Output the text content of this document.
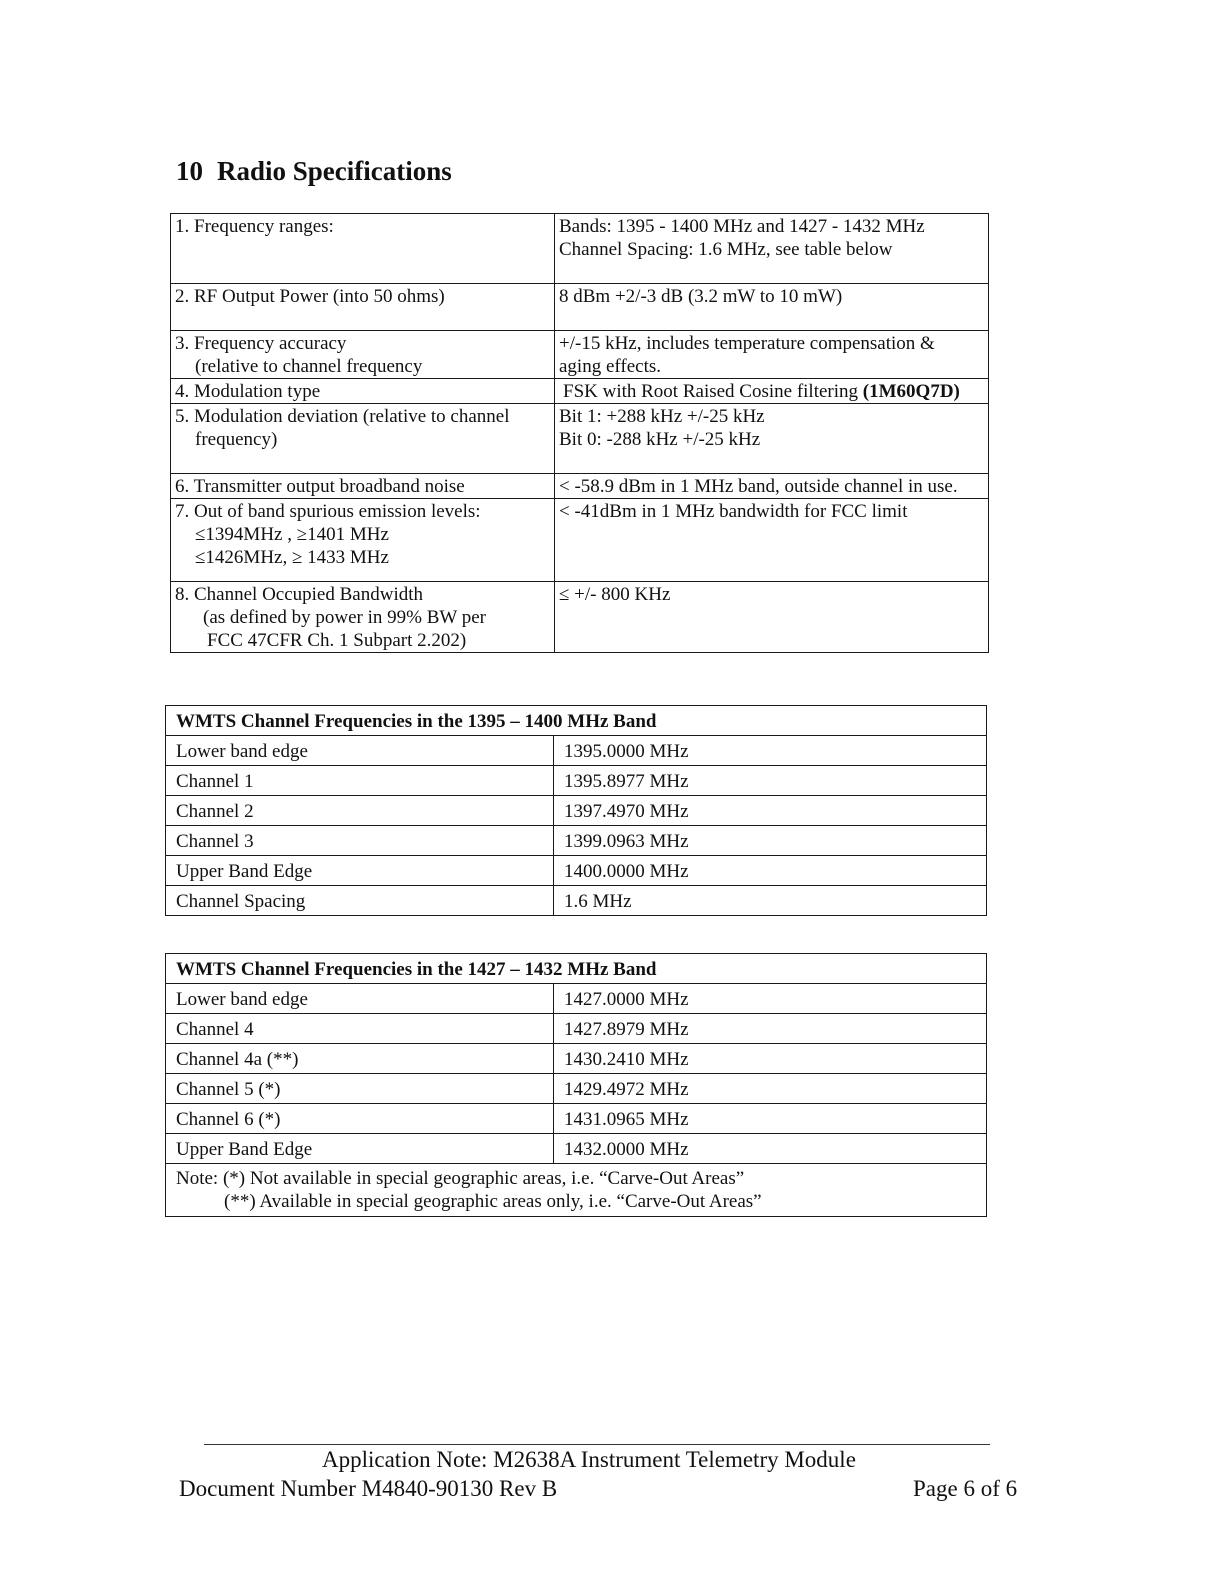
10 Radio Specifications
1. Frequency ranges:	Bands: 1395 - 1400 MHz and 1427 - 1432 MHz
Channel Spacing: 1.6 MHz, see table below

2. RF Output Power (into 50 ohms)	8 dBm +2/-3 dB (3.2 mW to 10 mW)

3. Frequency accuracy
(relative to channel frequency	+/-15 kHz, includes temperature compensation &
aging effects.

4. Modulation type	FSK with Root Raised Cosine filtering (1M60Q7D)

5. Modulation deviation (relative to channel
frequency)	Bit 1: +288 kHz +/-25 kHz
Bit 0: -288 kHz +/-25 kHz

6. Transmitter output broadband noise	< -58.9 dBm in 1 MHz band, outside channel in use.

7. Out of band spurious emission levels:
≤1394MHz , ≥1401 MHz
≤1426MHz, ≥ 1433 MHz	< -41dBm in 1 MHz bandwidth for FCC limit

8. Channel Occupied Bandwidth
(as defined by power in 99% BW per
FCC 47CFR Ch. 1 Subpart 2.202)	≤ +/- 800 KHz
WMTS Channel Frequencies in the 1395 – 1400 MHz Band	
Lower band edge	1395.0000 MHz
Channel 1	1395.8977 MHz
Channel 2	1397.4970 MHz
Channel 3	1399.0963 MHz
Upper Band Edge	1400.0000 MHz
Channel Spacing	1.6 MHz
WMTS Channel Frequencies in the 1427 – 1432 MHz Band	
Lower band edge	1427.0000 MHz
Channel 4	1427.8979 MHz
Channel 4a (**)	1430.2410 MHz
Channel 5 (*)	1429.4972 MHz
Channel 6 (*)	1431.0965 MHz
Upper Band Edge	1432.0000 MHz

Note: (*) Not available in special geographic areas, i.e. “Carve-Out Areas”
(**) Available in special geographic areas only, i.e. “Carve-Out Areas”	
Application Note: M2638A Instrument Telemetry Module
Document Number M4840-90130 Rev B	Page 6 of 6
